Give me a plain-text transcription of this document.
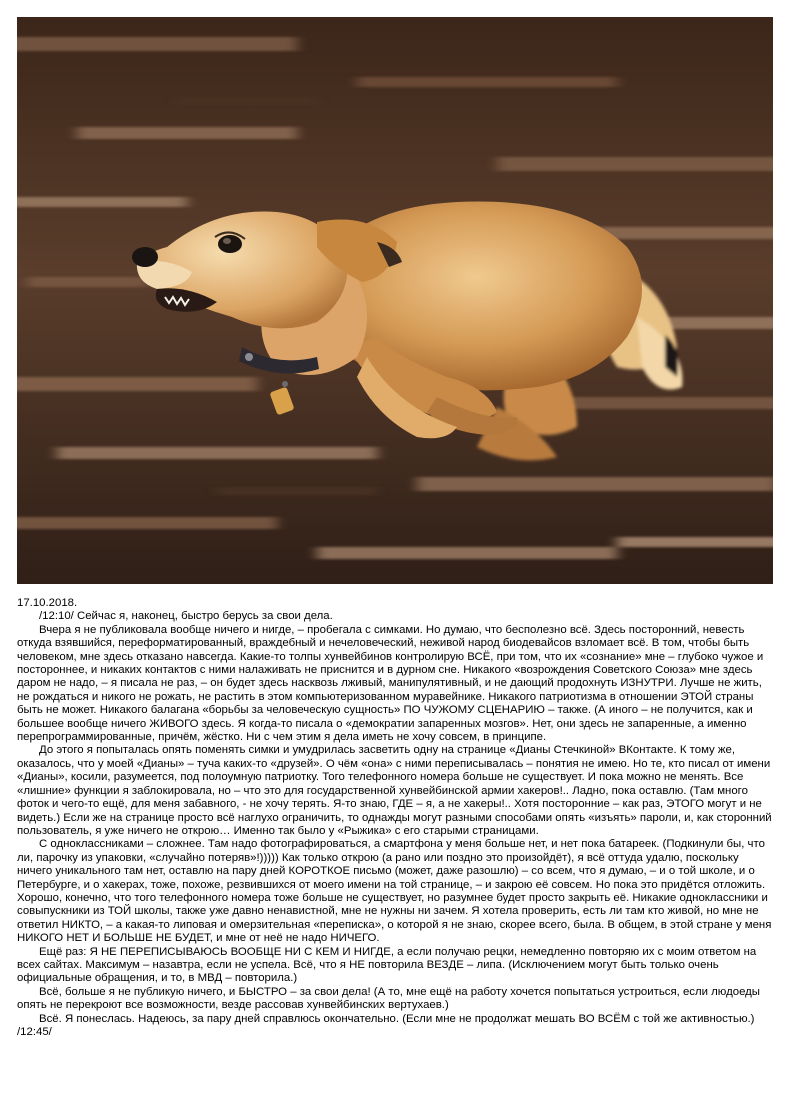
17.10.2018.

/12:10/ Сейчас я, наконец, быстро берусь за свои дела.

Вчера я не публиковала вообще ничего и нигде, – пробегала с симками. Но думаю, что бесполезно всё. Здесь посторонний, невесть откуда взявшийся, переформатированный, враждебный и нечеловеческий, неживой народ биодевайсов взломает всё. В том, чтобы быть человеком, мне здесь отказано навсегда. Какие-то толпы хунвейбинов контролирую ВСЁ, при том, что их «сознание» мне – глубоко чужое и постороннее, и никаких контактов с ними налаживать не приснится и в дурном сне. Никакого «возрождения Советского Союза» мне здесь даром не надо, – я писала не раз, – он будет здесь насквозь лживый, манипулятивный, и не дающий продохнуть ИЗНУТРИ. Лучше не жить, не рождаться и никого не рожать, не растить в этом компьютеризованном муравейнике. Никакого патриотизма в отношении ЭТОЙ страны быть не может. Никакого балагана «борьбы за человеческую сущность» ПО ЧУЖОМУ СЦЕНАРИЮ – также. (А иного – не получится, как и большее вообще ничего ЖИВОГО здесь. Я когда-то писала о «демократии запаренных мозгов». Нет, они здесь не запаренные, а именно перепрограммированные, причём, жёстко. Ни с чем этим я дела иметь не хочу совсем, в принципе.

До этого я попыталась опять поменять симки и умудрилась засветить одну на странице «Дианы Стечкиной» ВКонтакте. К тому же, оказалось, что у моей «Дианы» – туча каких-то «друзей». О чём «она» с ними переписывалась – понятия не имею. Но те, кто писал от имени «Дианы», косили, разумеется, под полоумную патриотку. Того телефонного номера больше не существует. И пока можно не менять. Все «лишние» функции я заблокировала, но – что это для государственной хунвейбинской армии хакеров!.. Ладно, пока оставлю. (Там много фоток и чего-то ещё, для меня забавного, - не хочу терять. Я-то знаю, ГДЕ – я, а не хакеры!.. Хотя посторонние – как раз, ЭТОГО могут и не видеть.) Если же на странице просто всё наглухо ограничить, то однажды могут разными способами опять «изъять» пароли, и, как сторонний пользователь, я уже ничего не открою… Именно так было у «Рыжика» с его старыми страницами.

С одноклассниками – сложнее. Там надо фотографироваться, а смартфона у меня больше нет, и нет пока батареек. (Подкинули бы, что ли, парочку из упаковки, «случайно потеряв»!))))) Как только открою (а рано или поздно это произойдёт), я всё оттуда удалю, поскольку ничего уникального там нет, оставлю на пару дней КОРОТКОЕ письмо (может, даже разошлю) – со всем, что я думаю, – и о той школе, и о Петербурге, и о хакерах, тоже, похоже, резвившихся от моего имени на той странице, – и закрою её совсем. Но пока это придётся отложить. Хорошо, конечно, что того телефонного номера тоже больше не существует, но разумнее будет просто закрыть её. Никакие одноклассники и совыпускники из ТОЙ школы, также уже давно ненавистной, мне не нужны ни зачем. Я хотела проверить, есть ли там кто живой, но мне не ответил НИКТО, – а какая-то липовая и омерзительная «переписка», о которой я не знаю, скорее всего, была. В общем, в этой стране у меня НИКОГО НЕТ И БОЛЬШЕ НЕ БУДЕТ, и мне от неё не надо НИЧЕГО.

Ещё раз: Я НЕ ПЕРЕПИСЫВАЮСЬ ВООБЩЕ НИ С КЕМ И НИГДЕ, а если получаю рецки, немедленно повторяю их с моим ответом на всех сайтах. Максимум – назавтра, если не успела. Всё, что я НЕ повторила ВЕЗДЕ – липа. (Исключением могут быть только очень официальные обращения, и то, в МВД – повторила.)

Всё, больше я не публикую ничего, и БЫСТРО – за свои дела! (А то, мне ещё на работу хочется попытаться устроиться, если людоеды опять не перекроют все возможности, везде рассовав хунвейбинских вертухаев.)

Всё. Я понеслась. Надеюсь, за пару дней справлюсь окончательно. (Если мне не продолжат мешать ВО ВСЁМ с той же активностью.) /12:45/
